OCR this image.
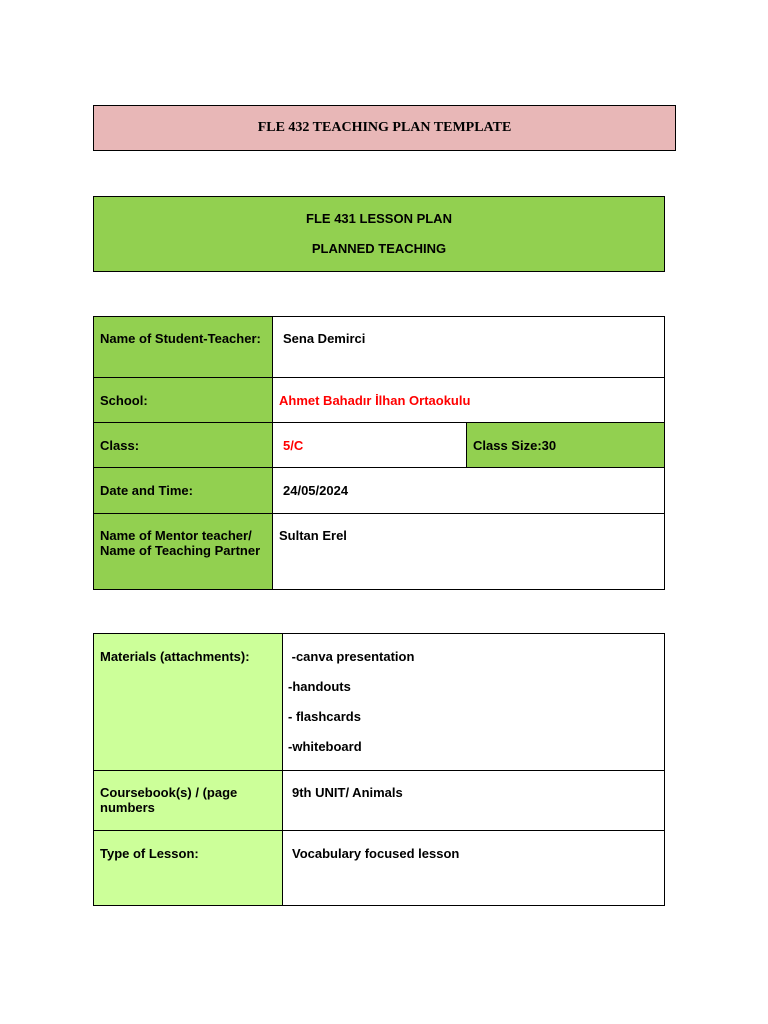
FLE 432 TEACHING PLAN TEMPLATE
FLE 431 LESSON PLAN
PLANNED TEACHING
Name of Student-Teacher:	Sena Demirci	
School:	Ahmet Bahadır İlhan Ortaokulu	
Class:	5/C	Class Size:30
Date and Time:	24/05/2024	
Name of Mentor teacher/ Name of Teaching Partner	Sultan Erel	
Materials (attachments):	-canva presentation
-handouts
- flashcards
-whiteboard

Coursebook(s) / (page numbers	9th UNIT/ Animals
Type of Lesson:	Vocabulary focused lesson
